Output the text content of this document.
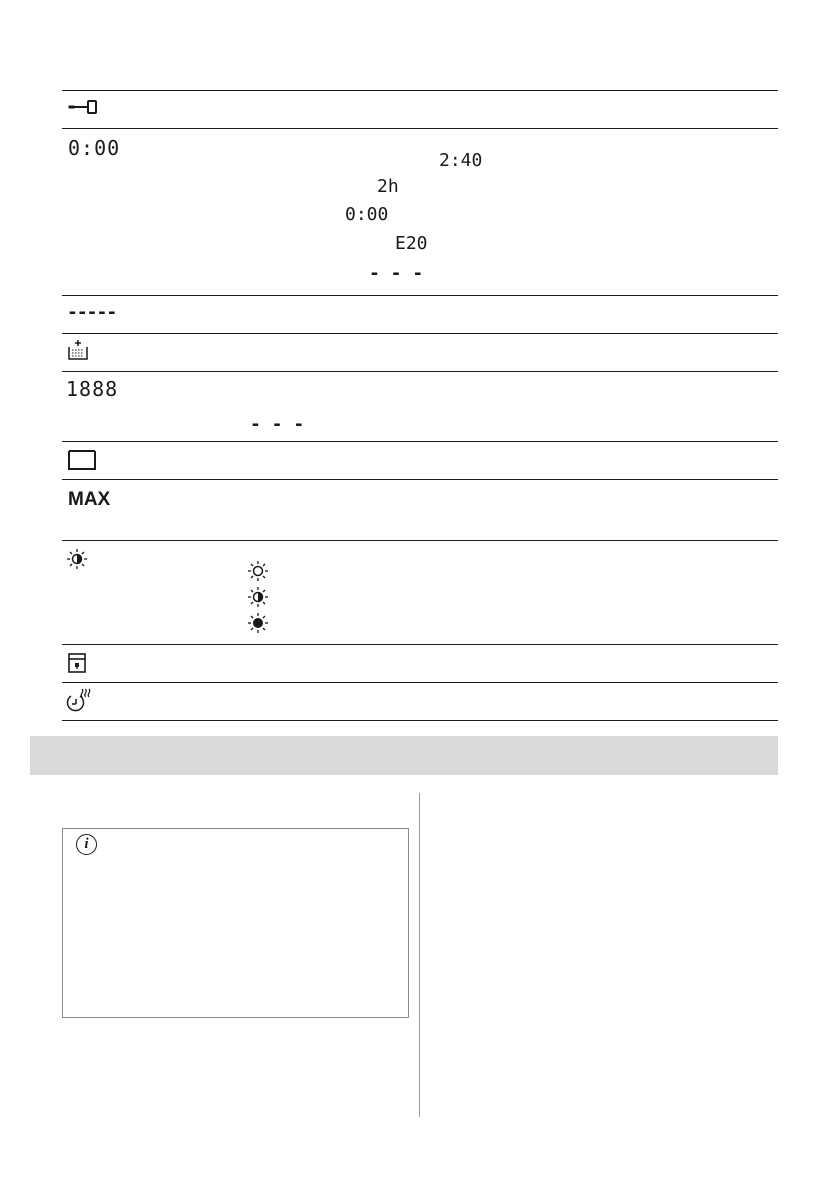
0:00
2:40
2h
0:00
E20
- - -
-----
1888
- - -
MAX
i
